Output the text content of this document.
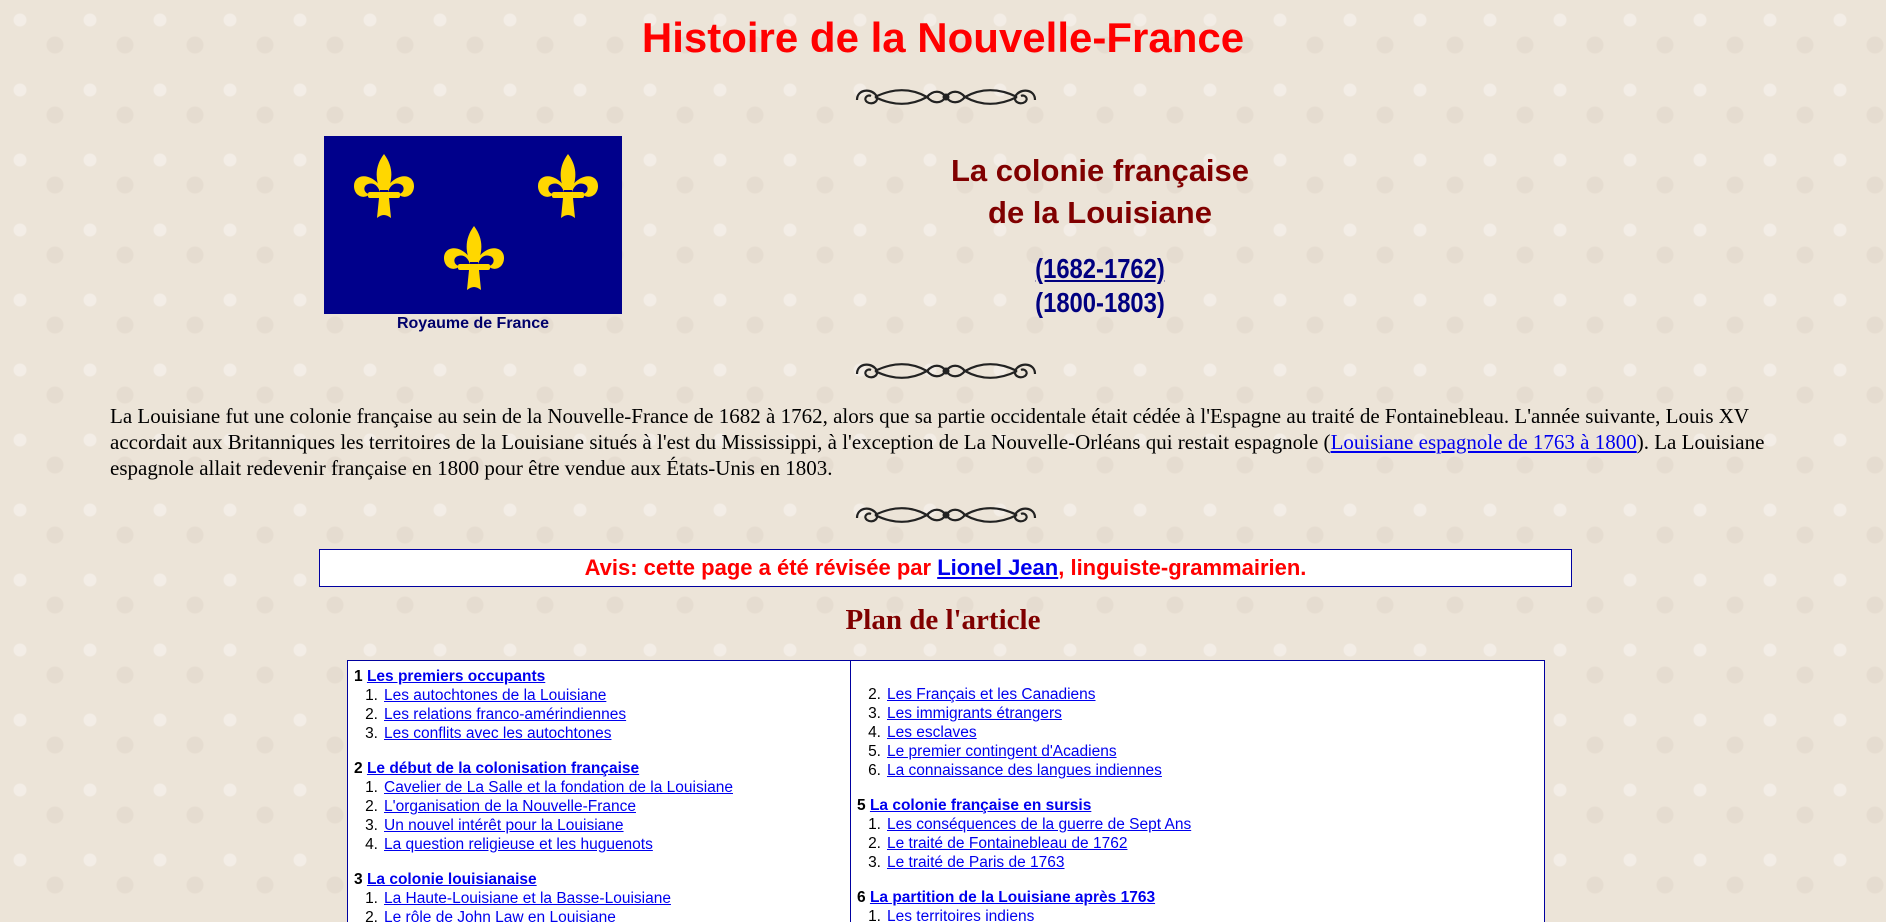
Histoire de la Nouvelle-France
Royaume de France
La colonie française
de la Louisiane
(1682-1762)
(1800-1803)

La Louisiane fut une colonie française au sein de la Nouvelle-France de 1682 à 1762, alors que sa partie occidentale était cédée à l'Espagne au traité de Fontainebleau. L'année suivante, Louis XV accordait aux Britanniques les territoires de la Louisiane situés à l'est du Mississippi, à l'exception de La Nouvelle-Orléans qui restait espagnole (Louisiane espagnole de 1763 à 1800). La Louisiane espagnole allait redevenir française en 1800 pour être vendue aux États-Unis en 1803.

Avis: cette page a été révisée par Lionel Jean, linguiste-grammairien.
Plan de l'article
1 Les premiers occupants
1. Les autochtones de la Louisiane
2. Les relations franco-amérindiennes
3. Les conflits avec les autochtones
2 Le début de la colonisation française
1. Cavelier de La Salle et la fondation de la Louisiane
2. L'organisation de la Nouvelle-France
3. Un nouvel intérêt pour la Louisiane
4. La question religieuse et les huguenots
3 La colonie louisianaise
1. La Haute-Louisiane et la Basse-Louisiane
2. Le rôle de John Law en Louisiane
2. Les Français et les Canadiens
3. Les immigrants étrangers
4. Les esclaves
5. Le premier contingent d'Acadiens
6. La connaissance des langues indiennes
5 La colonie française en sursis
1. Les conséquences de la guerre de Sept Ans
2. Le traité de Fontainebleau de 1762
3. Le traité de Paris de 1763
6 La partition de la Louisiane après 1763
1. Les territoires indiens
